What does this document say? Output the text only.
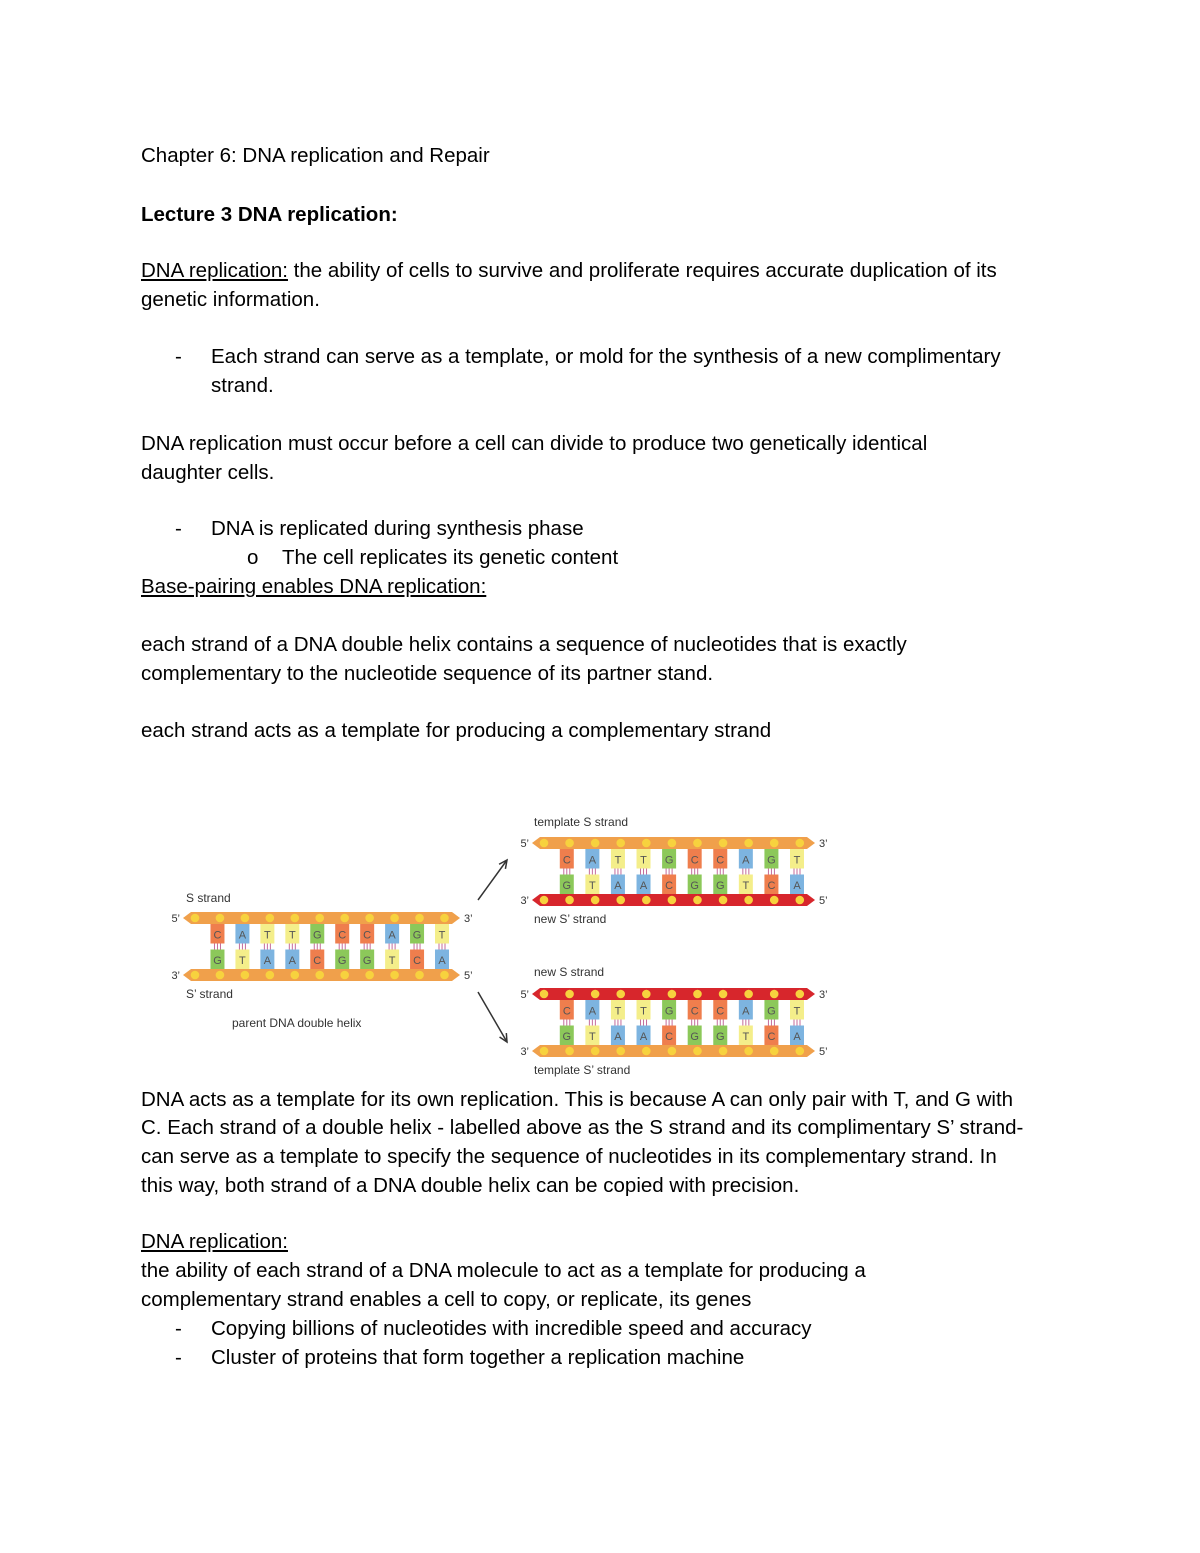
Chapter 6: DNA replication and Repair
Lecture 3 DNA replication:
DNA replication: the ability of cells to survive and proliferate requires accurate duplication of its
genetic information.
- Each strand can serve as a template, or mold for the synthesis of a new complimentary
strand.
DNA replication must occur before a cell can divide to produce two genetically identical
daughter cells.
- DNA is replicated during synthesis phase
o The cell replicates its genetic content
Base-pairing enables DNA replication:
each strand of a DNA double helix contains a sequence of nucleotides that is exactly
complementary to the nucleotide sequence of its partner stand.
each strand acts as a template for producing a complementary strand
C
G
A
T
T
A
T
A
G
C
C
G
C
G
A
T
G
C
T
A
5’	3’
3’	5’
S strand
S’ strand
parent DNA double helix
C
G
A
T
T
A
T
A
G
C
C
G
C
G
A
T
G
C
T
A
5’	3’
3’	5’
template S strand
new S’ strand
C
G
A
T
T
A
T
A
G
C
C
G
C
G
A
T
G
C
T
A
5’	3’
3’	5’
new S strand
template S’ strand
DNA acts as a template for its own replication. This is because A can only pair with T, and G with
C. Each strand of a double helix - labelled above as the S strand and its complimentary S’ strand-
can serve as a template to specify the sequence of nucleotides in its complementary strand. In
this way, both strand of a DNA double helix can be copied with precision.
DNA replication:
the ability of each strand of a DNA molecule to act as a template for producing a
complementary strand enables a cell to copy, or replicate, its genes
- Copying billions of nucleotides with incredible speed and accuracy
- Cluster of proteins that form together a replication machine
